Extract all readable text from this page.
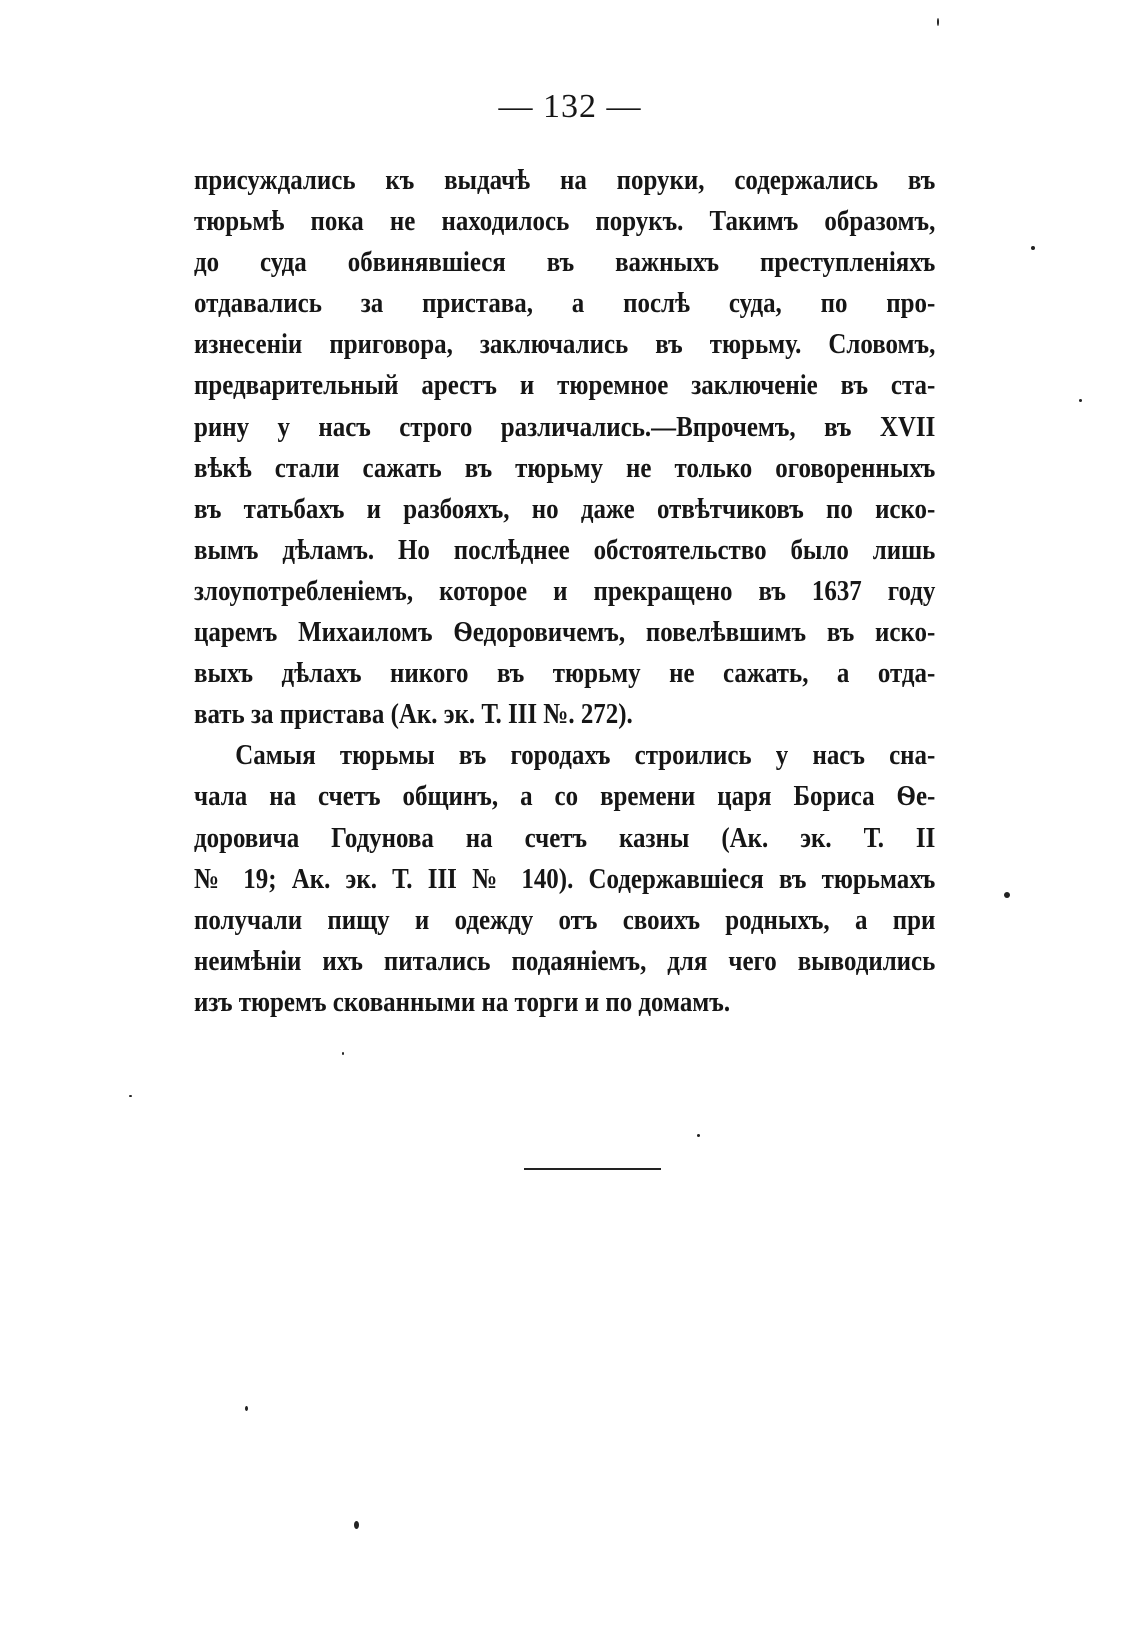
— 132 —
присуждались къ выдачѣ на поруки, содержались въ
тюрьмѣ пока не находилось порукъ. Такимъ образомъ,
до суда обвинявшіеся въ важныхъ преступленіяхъ
отдавались за пристава, а послѣ суда, по про-
изнесеніи приговора, заключались въ тюрьму. Словомъ,
предварительный арестъ и тюремное заключеніе въ ста-
рину у насъ строго различались.—Впрочемъ, въ XVII
вѣкѣ стали сажать въ тюрьму не только оговоренныхъ
въ татьбахъ и разбояхъ, но даже отвѣтчиковъ по иско-
вымъ дѣламъ. Но послѣднее обстоятельство было лишь
злоупотребленіемъ, которое и прекращено въ 1637 году
царемъ Михаиломъ Ѳедоровичемъ, повелѣвшимъ въ иско-
выхъ дѣлахъ никого въ тюрьму не сажать, а отда-
вать за пристава (Ак. эк. Т. III №. 272).
Самыя тюрьмы въ городахъ строились у насъ сна-
чала на счетъ общинъ, а со времени царя Бориса Ѳе-
доровича Годунова на счетъ казны (Ак. эк. Т. II
№ 19; Ак. эк. Т. III № 140). Содержавшіеся въ тюрьмахъ
получали пищу и одежду отъ своихъ родныхъ, а при
неимѣніи ихъ питались подаяніемъ, для чего выводились
изъ тюремъ скованными на торги и по домамъ.
